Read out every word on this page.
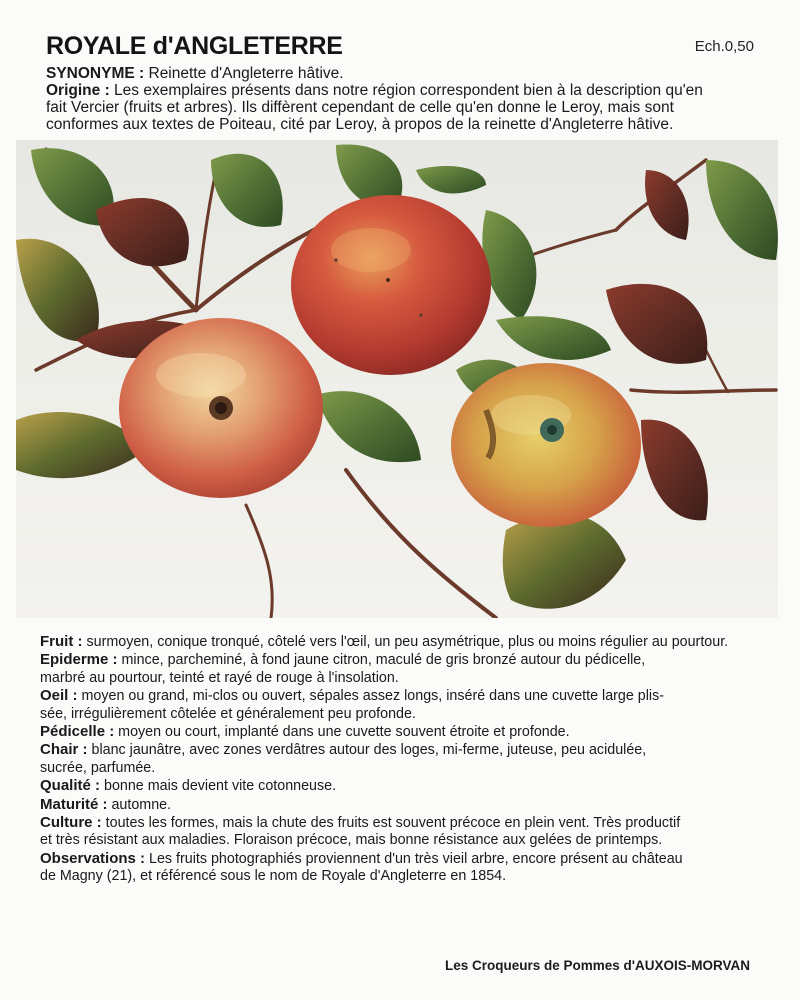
ROYALE d'ANGLETERRE	Ech.0,50
SYNONYME : Reinette d'Angleterre hâtive.
Origine : Les exemplaires présents dans notre région correspondent bien à la description qu'en
fait Vercier (fruits et arbres). Ils diffèrent cependant de celle qu'en donne le Leroy, mais sont
conformes aux textes de Poiteau, cité par Leroy, à propos de la reinette d'Angleterre hâtive.
Fruit : surmoyen, conique tronqué, côtelé vers l'œil, un peu asymétrique, plus ou moins régulier au pourtour.
Epiderme : mince, parcheminé, à fond jaune citron, maculé de gris bronzé autour du pédicelle,
marbré au pourtour, teinté et rayé de rouge à l'insolation.
Oeil : moyen ou grand, mi-clos ou ouvert, sépales assez longs, inséré dans une cuvette large plis-
sée, irrégulièrement côtelée et généralement peu profonde.
Pédicelle : moyen ou court, implanté dans une cuvette souvent étroite et profonde.
Chair : blanc jaunâtre, avec zones verdâtres autour des loges, mi-ferme, juteuse, peu acidulée,
sucrée, parfumée.
Qualité : bonne mais devient vite cotonneuse.
Maturité : automne.
Culture : toutes les formes, mais la chute des fruits est souvent précoce en plein vent. Très productif
et très résistant aux maladies. Floraison précoce, mais bonne résistance aux gelées de printemps.
Observations : Les fruits photographiés proviennent d'un très vieil arbre, encore présent au château
de Magny (21), et référencé sous le nom de Royale d'Angleterre en 1854.
Les Croqueurs de Pommes d'AUXOIS-MORVAN
